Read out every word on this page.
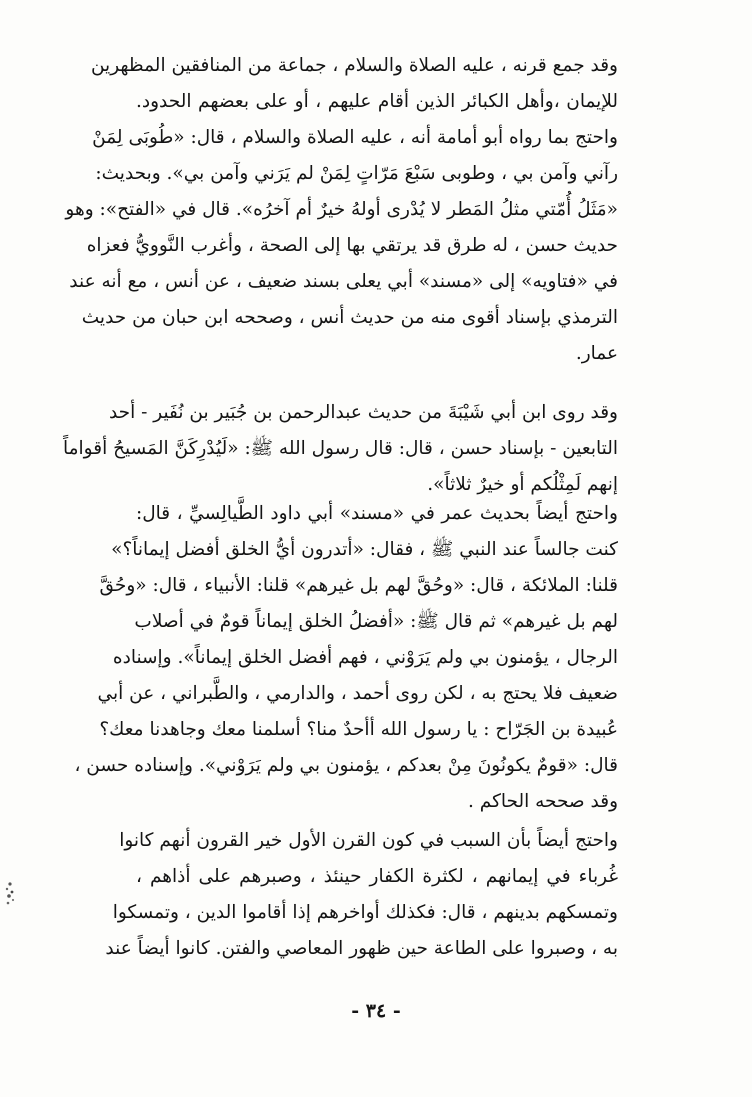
وقد جمع قرنه ، عليه الصلاة والسلام ، جماعة من المنافقين المظهرين
للإيمان ،وأهل الكبائر الذين أقام عليهم ، أو على بعضهم الحدود.
واحتج بما رواه أبو أمامة أنه ، عليه الصلاة والسلام ، قال: «طُوبَى لِمَنْ
رآني وآمن بي ، وطوبى سَبْعَ مَرّاتٍ لِمَنْ لم يَرَني وآمن بي». وبحديث:
«مَثَلُ أُمّتي مثلُ المَطر لا يُدْرى أولهُ خيرٌ أم آخرُه». قال في «الفتح»: وهو
حديث حسن ، له طرق قد يرتقي بها إلى الصحة ، وأغرب النَّوويُّ فعزاه
في «فتاويه» إلى «مسند» أبي يعلى بسند ضعيف ، عن أنس ، مع أنه عند
الترمذي بإسناد أقوى منه من حديث أنس ، وصححه ابن حبان من حديث
عمار.
وقد روى ابن أبي شَيْبَةَ من حديث عبدالرحمن بن جُبَير بن نُفَير - أحد
التابعين - بإسناد حسن ، قال: قال رسول الله ﷺ: «لَيُدْرِكَنَّ المَسيحُ أقواماً
إنهم لَمِثْلُكم أو خيرٌ ثلاثاً».
واحتج أيضاً بحديث عمر في «مسند» أبي داود الطَّيالِسيِّ ، قال:
كنت جالساً عند النبي ﷺ ، فقال: «أتدرون أيُّ الخلق أفضل إيماناً؟»
قلنا: الملائكة ، قال: «وحُقَّ لهم بل غيرهم» قلنا: الأنبياء ، قال: «وحُقَّ
لهم بل غيرهم» ثم قال ﷺ: «أفضلُ الخلق إيماناً قومٌ في أصلاب
الرجال ، يؤمنون بي ولم يَرَوْني ، فهم أفضل الخلق إيماناً». وإسناده
ضعيف فلا يحتج به ، لكن روى أحمد ، والدارمي ، والطَّبراني ، عن أبي
عُبيدة بن الجَرّاح : يا رسول الله أأحدٌ منا؟ أسلمنا معك وجاهدنا معك؟
قال: «قومٌ يكونُونَ مِنْ بعدكم ، يؤمنون بي ولم يَرَوْني». وإسناده حسن ،
وقد صححه الحاكم .
واحتج أيضاً بأن السبب في كون القرن الأول خير القرون أنهم كانوا
غُرباء في إيمانهم ، لكثرة الكفار حينئذ ، وصبرهم على أذاهم ،
وتمسكهم بدينهم ، قال: فكذلك أواخرهم إذا أقاموا الدين ، وتمسكوا
به ، وصبروا على الطاعة حين ظهور المعاصي والفتن. كانوا أيضاً عند
- ٣٤ -
